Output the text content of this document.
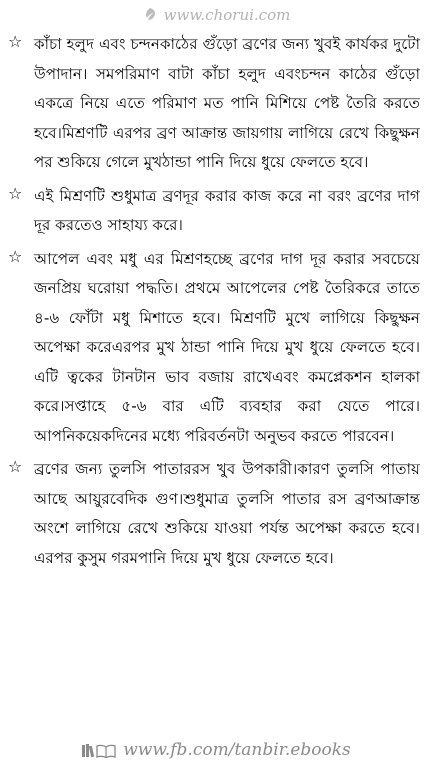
www.chorui.com
☆ কাঁচা হলুদ এবং চন্দনকাঠের গুঁড়ো ব্রণের জন্য খুবই কার্যকর দুটো উপাদান। সমপরিমাণ বাটা কাঁচা হলুদ এবংচন্দন কাঠের গুঁড়ো একত্রে নিয়ে এতে পরিমাণ মত পানি মিশিয়ে পেষ্ট তৈরি করতে হবে।মিশ্রণটি এরপর ব্রণ আক্রান্ত জায়গায় লাগিয়ে রেখে কিছুক্ষন পর শুকিয়ে গেলে মুখঠান্ডা পানি দিয়ে ধুয়ে ফেলতে হবে।

☆ এই মিশ্রণটি শুধুমাত্র ব্রণদূর করার কাজ করে না বরং ব্রণের দাগ দূর করতেও সাহায্য করে।

☆ আপেল এবং মধু এর মিশ্রণহচ্ছে ব্রণের দাগ দূর করার সবচেয়ে জনপ্রিয় ঘরোয়া পদ্ধতি। প্রথমে আপেলের পেষ্ট তৈরিকরে তাতে ৪-৬ ফোঁটা মধু মিশাতে হবে। মিশ্রণটি মুখে লাগিয়ে কিছুক্ষন অপেক্ষা করেএরপর মুখ ঠান্ডা পানি দিয়ে মুখ ধুয়ে ফেলতে হবে। এটি ত্বকের টানটান ভাব বজায় রাখেএবং কমপ্লেকশন হালকা করে।সপ্তাহে ৫-৬ বার এটি ব্যবহার করা যেতে পারে। আপনিকয়েকদিনের মধ্যে পরিবর্তনটা অনুভব করতে পারবেন।

☆ ব্রণের জন্য তুলসি পাতাররস খুব উপকারী।কারণ তুলসি পাতায় আছে আয়ুরবেদিক গুণ।শুধুমাত্র তুলসি পাতার রস ব্রণআক্রান্ত অংশে লাগিয়ে রেখে শুকিয়ে যাওয়া পর্যন্ত অপেক্ষা করতে হবে।এরপর কুসুম গরমপানি দিয়ে মুখ ধুয়ে ফেলতে হবে।

www.fb.com/tanbir.ebooks
